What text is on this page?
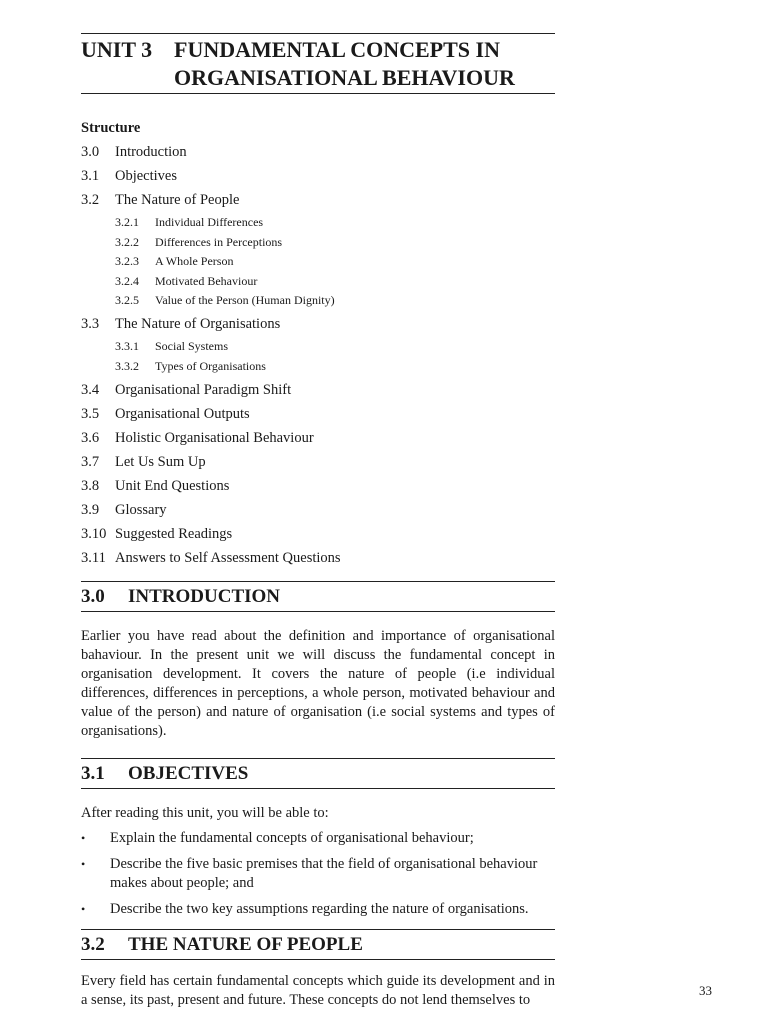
UNIT 3 FUNDAMENTAL CONCEPTS IN
ORGANISATIONAL BEHAVIOUR
Structure
3.0	Introduction
3.1	Objectives
3.2	The Nature of People
3.2.1	Individual Differences
3.2.2	Differences in Perceptions
3.2.3	A Whole Person
3.2.4	Motivated Behaviour
3.2.5	Value of the Person (Human Dignity)
3.3	The Nature of Organisations
3.3.1	Social Systems
3.3.2	Types of Organisations
3.4	Organisational Paradigm Shift
3.5	Organisational Outputs
3.6	Holistic Organisational Behaviour
3.7	Let Us Sum Up
3.8	Unit End Questions
3.9	Glossary
3.10 Suggested Readings
3.11 Answers to Self Assessment Questions
3.0	INTRODUCTION

Earlier you have read about the definition and importance of organisational bahaviour. In the present unit we will discuss the fundamental concept in organisation development. It covers the nature of people (i.e individual differences, differences in perceptions, a whole person, motivated behaviour and value of the person) and nature of organisation (i.e social systems and types of organisations).

3.1	OBJECTIVES

After reading this unit, you will be able to:

•	Explain the fundamental concepts of organisational behaviour;
•	Describe the five basic premises that the field of organisational behaviour makes about people; and
•	Describe the two key assumptions regarding the nature of organisations.
3.2	THE NATURE OF PEOPLE

Every field has certain fundamental concepts which guide its development and in a sense, its past, present and future. These concepts do not lend themselves to

33
